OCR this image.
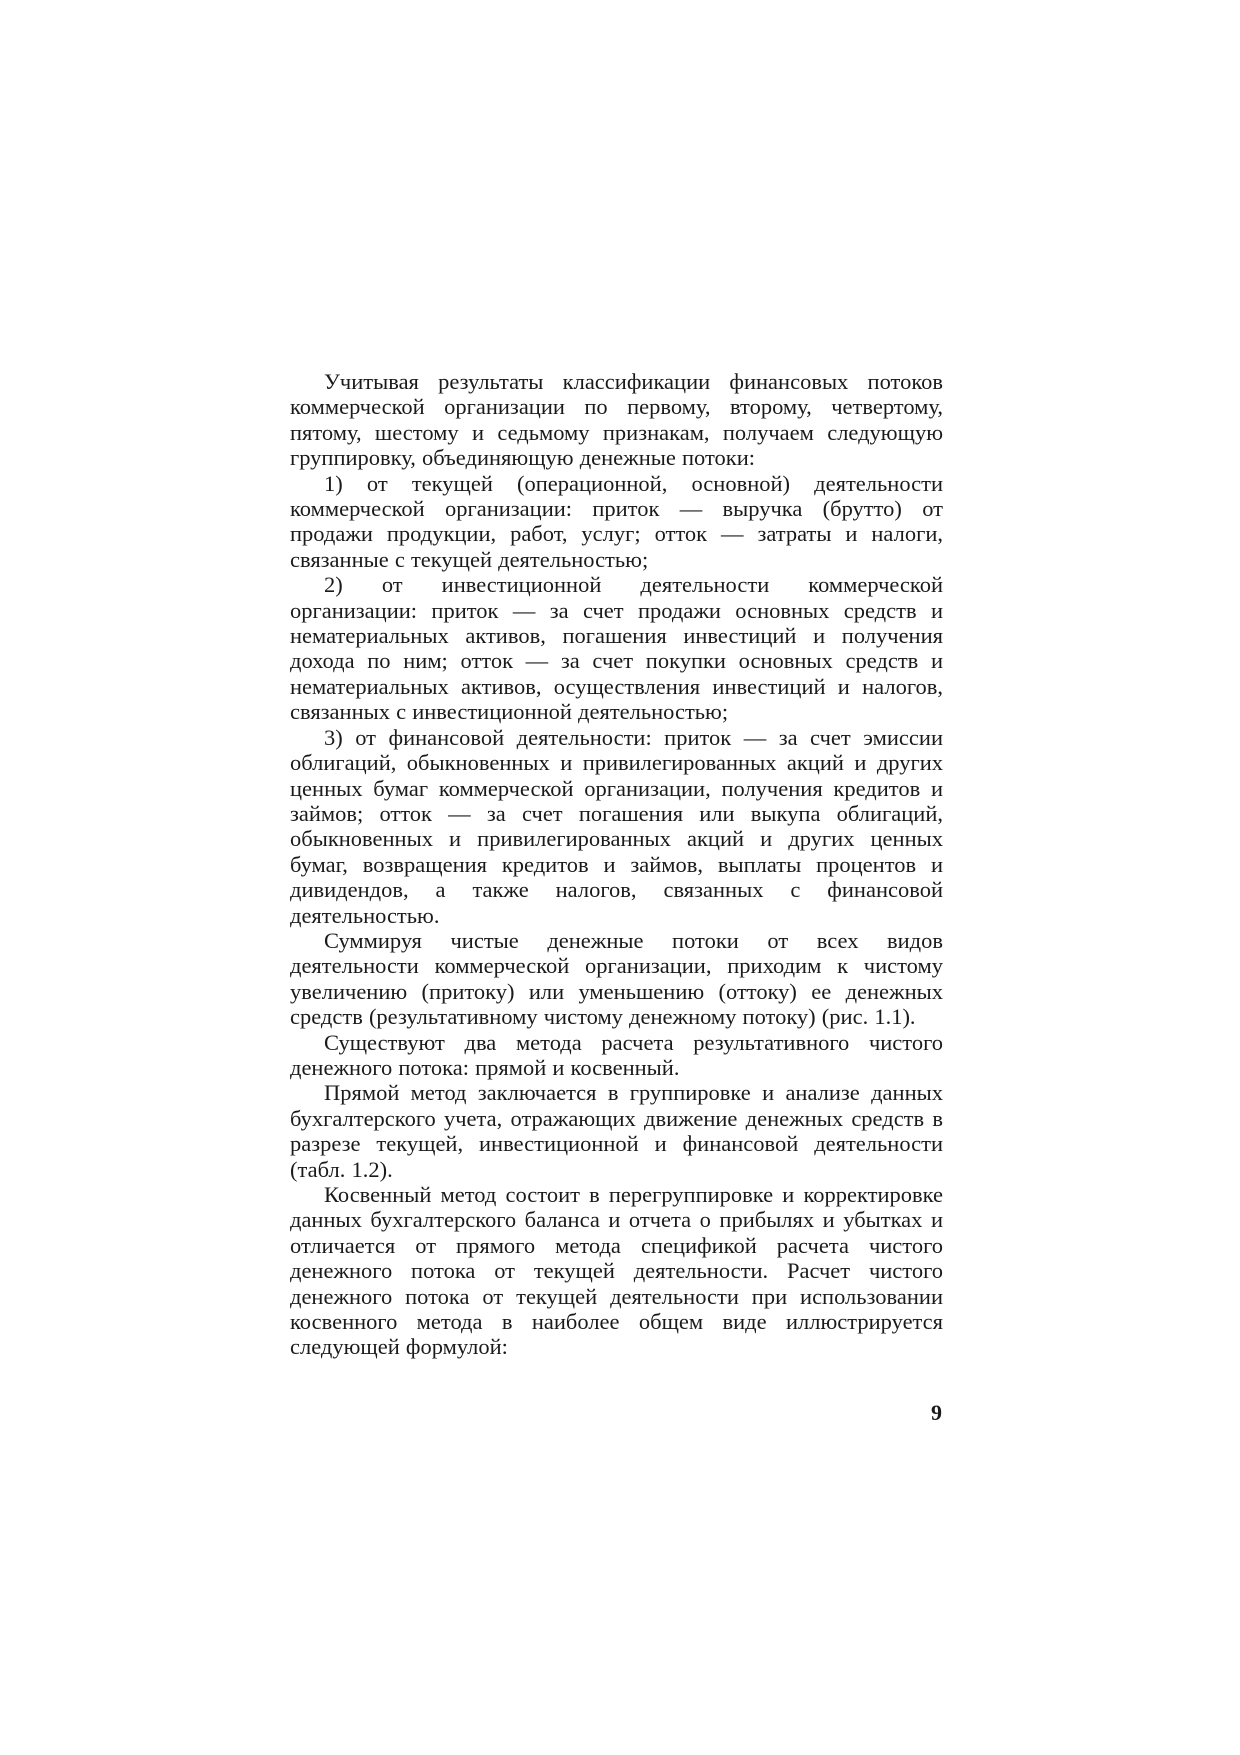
Учитывая результаты классификации финансовых потоков коммерческой организации по первому, второму, четвертому, пятому, шестому и седьмому признакам, получаем следующую группировку, объединяющую денежные потоки:

1) от текущей (операционной, основной) деятельности коммерческой организации: приток — выручка (брутто) от продажи продукции, работ, услуг; отток — затраты и налоги, связанные с текущей деятельностью;

2) от инвестиционной деятельности коммерческой организации: приток — за счет продажи основных средств и нематериальных активов, погашения инвестиций и получения дохода по ним; отток — за счет покупки основных средств и нематериальных активов, осуществления инвестиций и налогов, связанных с инвестиционной деятельностью;

3) от финансовой деятельности: приток — за счет эмиссии облигаций, обыкновенных и привилегированных акций и других ценных бумаг коммерческой организации, получения кредитов и займов; отток — за счет погашения или выкупа облигаций, обыкновенных и привилегированных акций и других ценных бумаг, возвращения кредитов и займов, выплаты процентов и дивидендов, а также налогов, связанных с финансовой деятельностью.

Суммируя чистые денежные потоки от всех видов деятельности коммерческой организации, приходим к чистому увеличению (притоку) или уменьшению (оттоку) ее денежных средств (результативному чистому денежному потоку) (рис. 1.1).

Существуют два метода расчета результативного чистого денежного потока: прямой и косвенный.

Прямой метод заключается в группировке и анализе данных бухгалтерского учета, отражающих движение денежных средств в разрезе текущей, инвестиционной и финансовой деятельности (табл. 1.2).

Косвенный метод состоит в перегруппировке и корректировке данных бухгалтерского баланса и отчета о прибылях и убытках и отличается от прямого метода спецификой расчета чистого денежного потока от текущей деятельности. Расчет чистого денежного потока от текущей деятельности при использовании косвенного метода в наиболее общем виде иллюстрируется следующей формулой:

9
